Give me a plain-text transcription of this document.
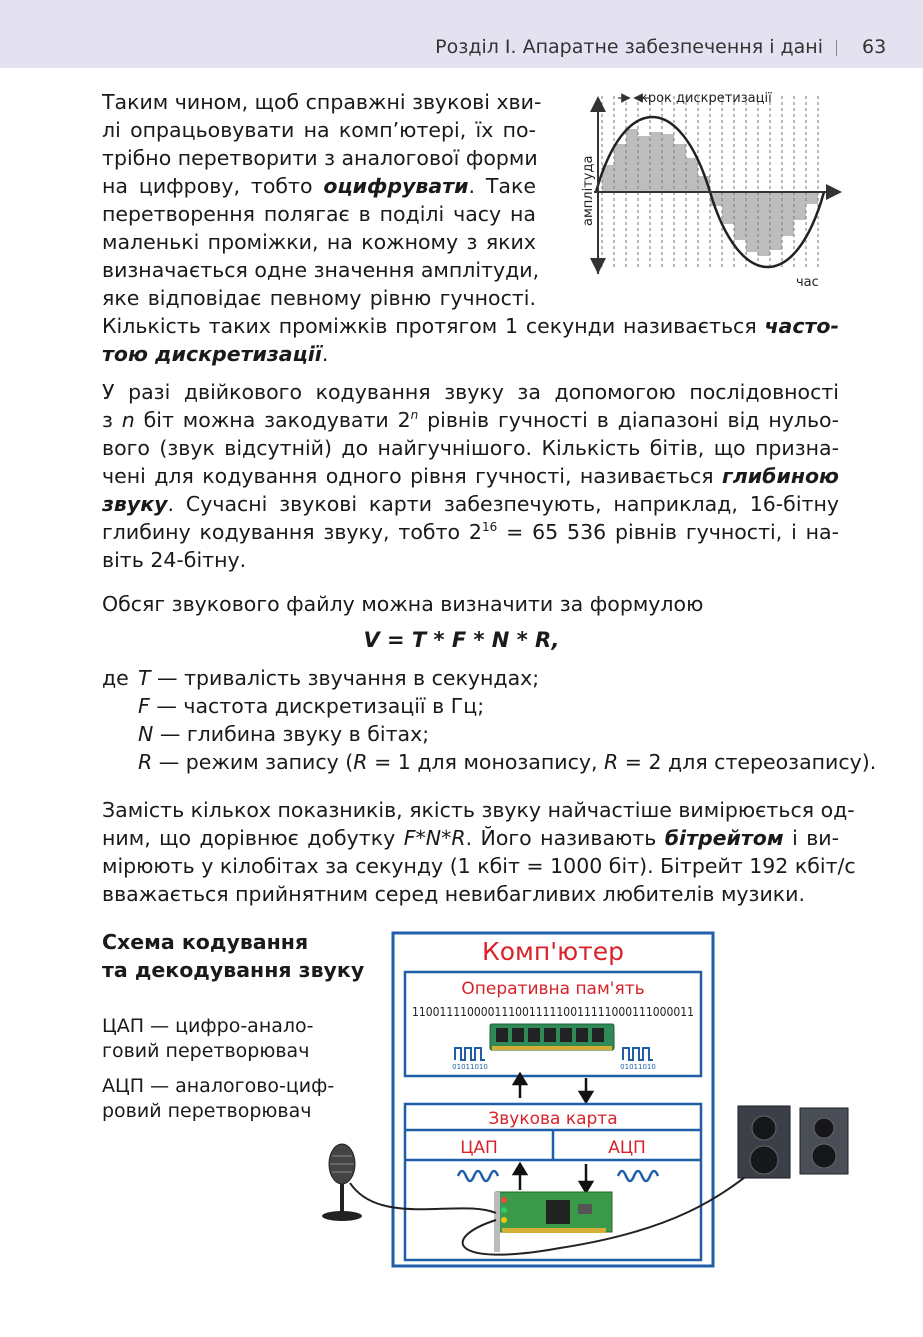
Розділ І. Апаратне забезпечення і дані 63
Таким чином, щоб справжні звукові хви-
лі опрацьовувати на комп’ютері, їх по-
трібно перетворити з аналогової форми
на цифрову, тобто оцифрувати. Таке
перетворення полягає в поділі часу на
маленькі проміжки, на кожному з яких
визначається одне значення амплітуди,
яке відповідає певному рівню гучності.
Кількість таких проміжків протягом 1 секунди називається часто-
тою дискретизації.
крок дискретизації
амплітуда
час
У разі двійкового кодування звуку за допомогою послідовності
з n біт можна закодувати 2$^n$ рівнів гучності в діапазоні від нульо-
вого (звук відсутній) до найгучнішого. Кількість бітів, що призна-
чені для кодування одного рівня гучності, називається глибиною
звуку. Сучасні звукові карти забезпечують, наприклад, 16-бітну
глибину кодування звуку, тобто $2^{16} = 65$ 536 рівнів гучності, і на-
віть 24-бітну.
Обсяг звукового файлу можна визначити за формулою
V = T * F * N * R,
де T — тривалість звучання в секундах;
F — частота дискретизації в Гц;
N — глибина звуку в бітах;
R — режим запису (R = 1 для монозапису, R = 2 для стереозапису).
Замість кількох показників, якість звуку найчастіше вимірюється од-
ним, що дорівнює добутку F*N*R. Його називають бітрейтом і ви-
мірюють у кілобітах за секунду (1 кбіт = 1000 біт). Бітрейт 192 кбіт/с
вважається прийнятним серед невибагливих любителів музики.
Схема кодування
та декодування звуку
ЦАП — цифро-анало-
говий перетворювач
АЦП — аналогово-циф-
ровий перетворювач
Комп'ютер
Оперативна пам'ять
11001111000011100111110011111000111000011
01011010	01011010
Звукова карта
ЦАП	АЦП
